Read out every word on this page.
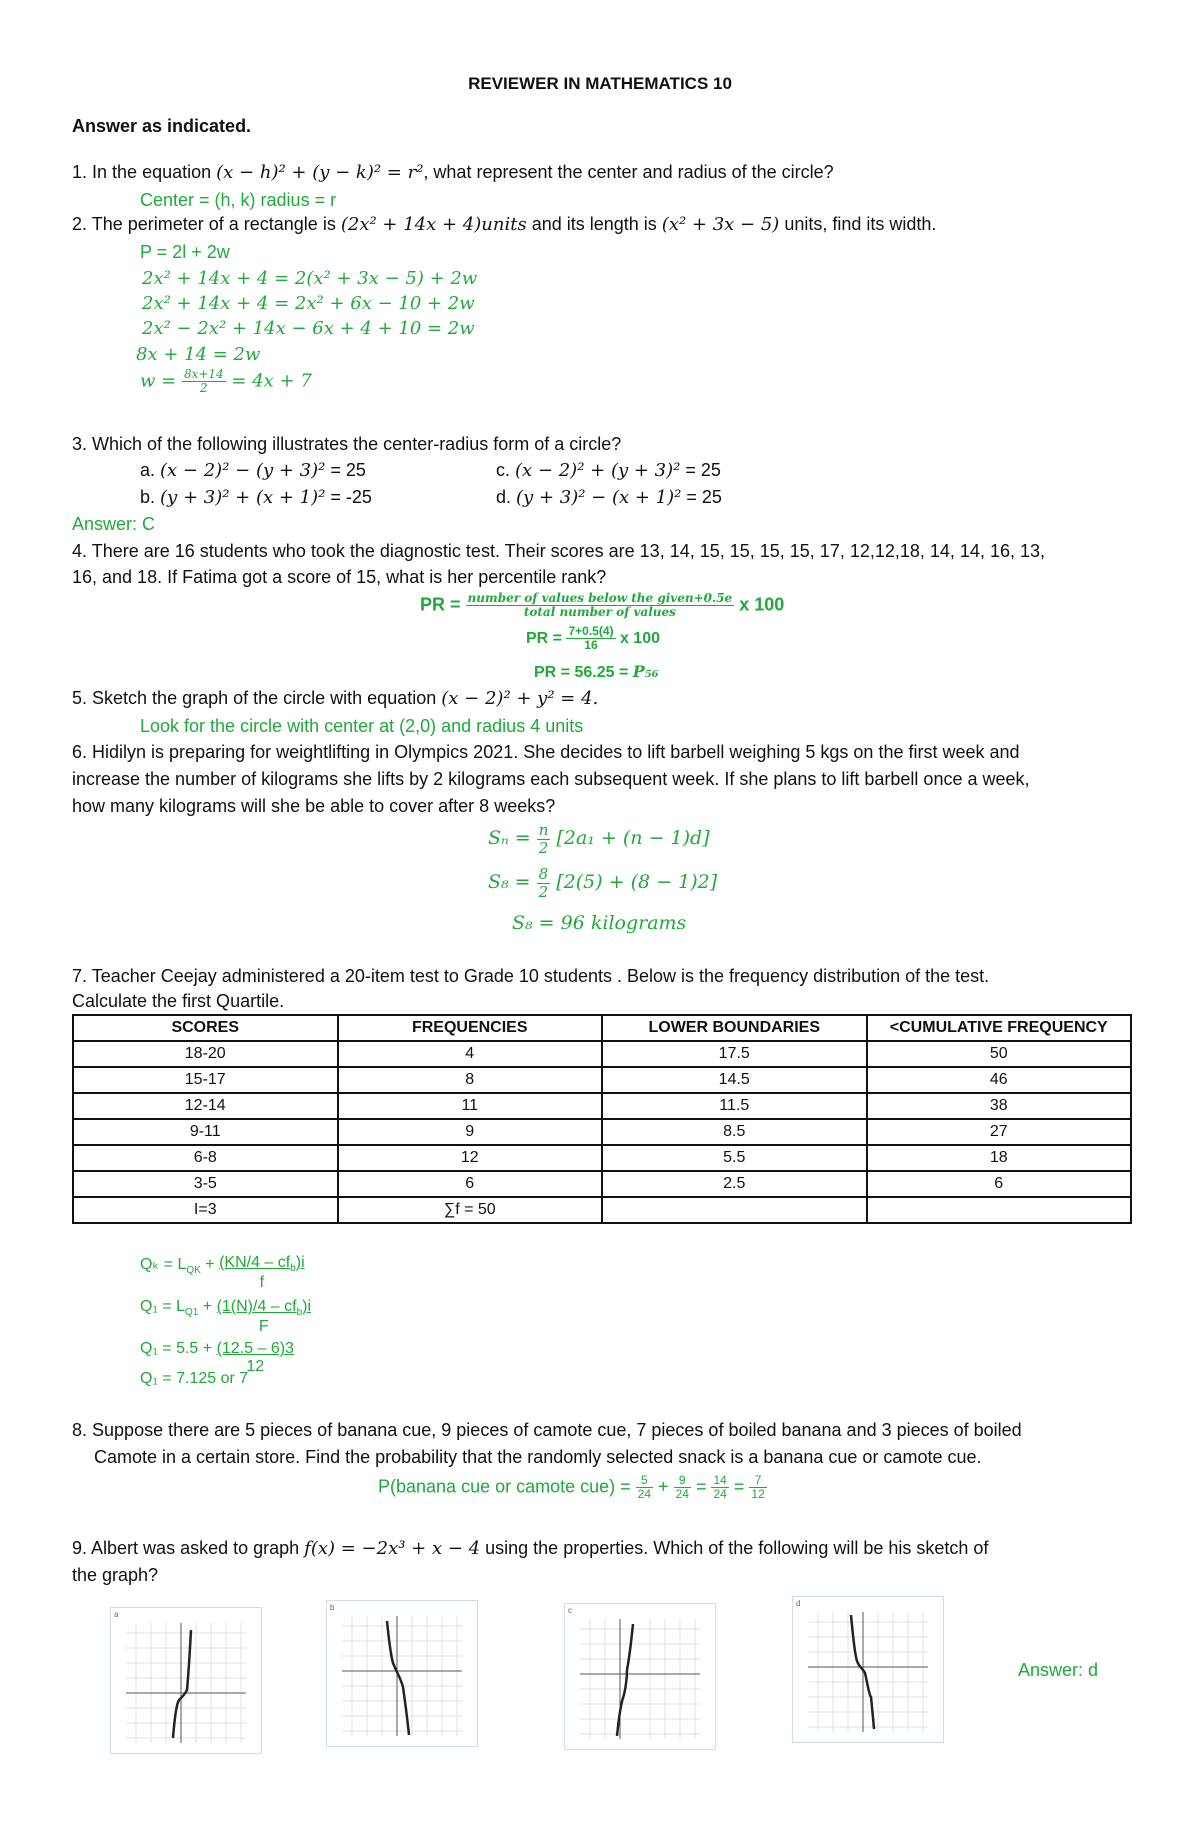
REVIEWER IN MATHEMATICS 10
Answer as indicated.
1. In the equation (x − h)² + (y − k)² = r², what represent the center and radius of the circle?
Center = (h, k) radius = r
2. The perimeter of a rectangle is (2x² + 14x + 4)units and its length is (x² + 3x − 5) units, find its width.
P = 2l + 2w
2x² + 14x + 4 = 2(x² + 3x − 5) + 2w
2x² + 14x + 4 = 2x² + 6x − 10 + 2w
2x² − 2x² + 14x − 6x + 4 + 10 = 2w
8x + 14 = 2w
$w = \frac{8x+14}{2} = 4x + 7$
3. Which of the following illustrates the center-radius form of a circle?
a. (x − 2)² − (y + 3)² = 25	c. (x − 2)² + (y + 3)² = 25
b. (y + 3)² + (x + 1)² = -25	d. (y + 3)² − (x + 1)² = 25
Answer: C
4. There are 16 students who took the diagnostic test. Their scores are 13, 14, 15, 15, 15, 15, 17, 12,12,18, 14, 14, 16, 13,
16, and 18. If Fatima got a score of 15, what is her percentile rank?
PR = $\frac{\text{number of values below the given+0.5e}}{\text{total number of values}}$ x 100
PR = $\frac{7+0.5(4)}{16}$ x 100
PR = 56.25 = P₅₆
5. Sketch the graph of the circle with equation (x − 2)² + y² = 4.
Look for the circle with center at (2,0) and radius 4 units
6. Hidilyn is preparing for weightlifting in Olympics 2021. She decides to lift barbell weighing 5 kgs on the first week and
increase the number of kilograms she lifts by 2 kilograms each subsequent week. If she plans to lift barbell once a week,
how many kilograms will she be able to cover after 8 weeks?
$S_n = \frac{n}{2} [2a_1 + (n - 1)d]$
$S_8 = \frac{8}{2} [2(5) + (8 - 1)2]$
S₈ = 96 kilograms
7. Teacher Ceejay administered a 20-item test to Grade 10 students . Below is the frequency distribution of the test.
Calculate the first Quartile.
SCORES	FREQUENCIES	LOWER BOUNDARIES	<CUMULATIVE FREQUENCY
18-20	4	17.5	50
15-17	8	14.5	46
12-14	11	11.5	38
9-11	9	8.5	27
6-8	12	5.5	18
3-5	6	2.5	6
I=3	∑f = 50		
$Q_k = L_{QK} + \frac{(KN/4 - cf_b)i}{f}$
$Q_1 = L_{Q1} + \frac{(1(N)/4 - cf_b)i}{F}$
$Q_1 = 5.5 + \frac{(12.5 - 6)3}{12}$
Q₁ = 7.125 or 7
8. Suppose there are 5 pieces of banana cue, 9 pieces of camote cue, 7 pieces of boiled banana and 3 pieces of boiled
Camote in a certain store. Find the probability that the randomly selected snack is a banana cue or camote cue.
P(banana cue or camote $cue) = \frac{5}{24} + \frac{9}{24} = \frac{14}{24} = \frac{7}{12}$
9. Albert was asked to graph f(x) = −2x³ + x − 4 using the properties. Which of the following will be his sketch of
the graph?
a
b	c
d
Answer: d
